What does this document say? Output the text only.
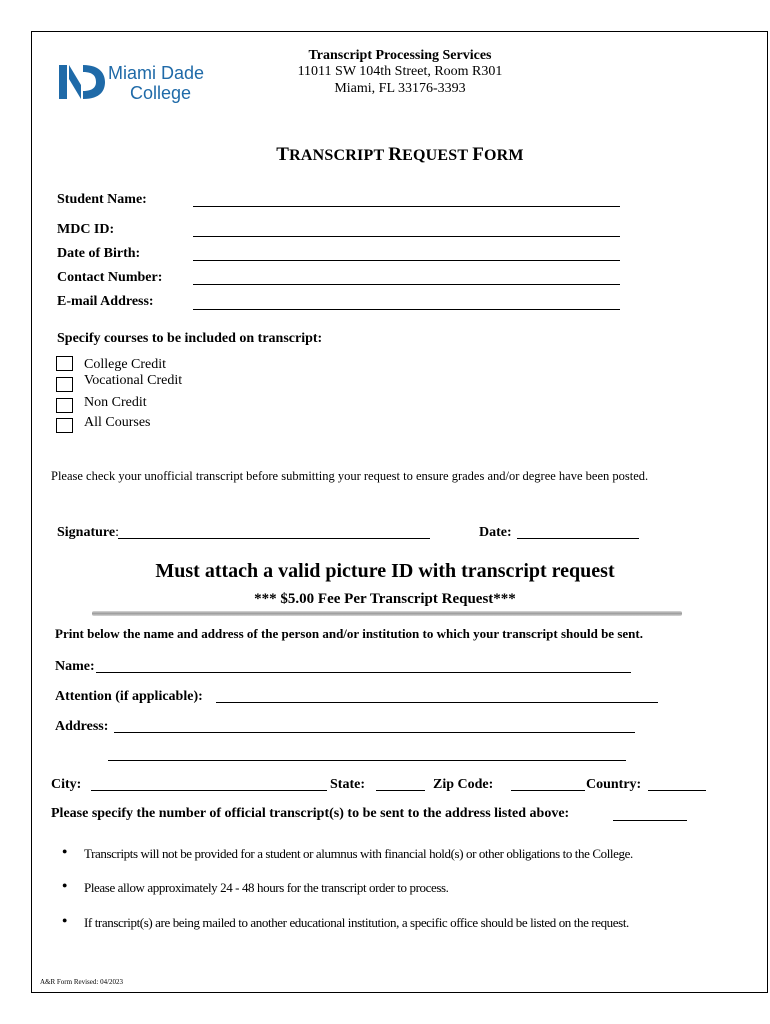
Miami Dade
College
Transcript Processing Services
11011 SW 104th Street, Room R301
Miami, FL 33176-3393
TRANSCRIPT REQUEST FORM
Student Name:
MDC ID:
Date of Birth:
Contact Number:
E-mail Address:
Specify courses to be included on transcript:
College Credit
Vocational Credit
Non Credit
All Courses
Please check your unofficial transcript before submitting your request to ensure grades and/or degree have been posted.
Signature:	Date:
Must attach a valid picture ID with transcript request
*** $5.00 Fee Per Transcript Request***
Print below the name and address of the person and/or institution to which your transcript should be sent.
Name:
Attention (if applicable):
Address:
City:	State:	Zip Code:	Country:
Please specify the number of official transcript(s) to be sent to the address listed above:
● Transcripts will not be provided for a student or alumnus with financial hold(s) or other obligations to the College.
● Please allow approximately 24 - 48 hours for the transcript order to process.
● If transcript(s) are being mailed to another educational institution, a specific office should be listed on the request.
A&R Form Revised: 04/2023
